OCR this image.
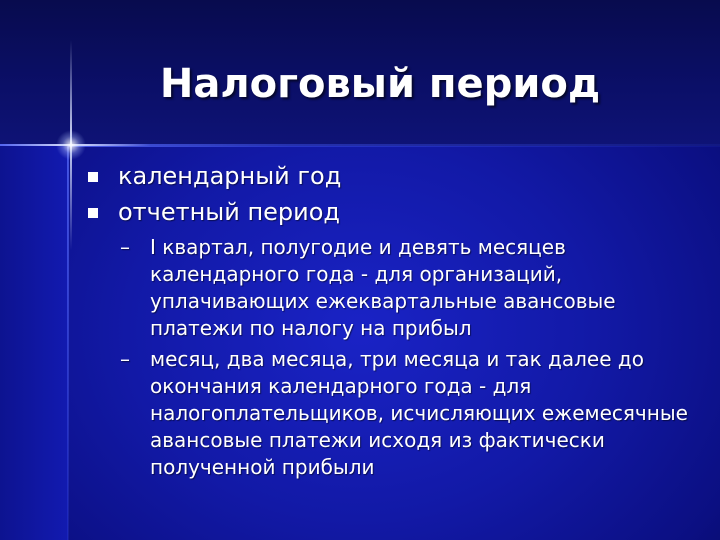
Налоговый период
календарный год
отчетный период
– I квартал, полугодие и девять месяцев календарного года - для организаций, уплачивающих ежеквартальные авансовые платежи по налогу на прибыл
– месяц, два месяца, три месяца и так далее до окончания календарного года - для налогоплательщиков, исчисляющих ежемесячные авансовые платежи исходя из фактически полученной прибыли
